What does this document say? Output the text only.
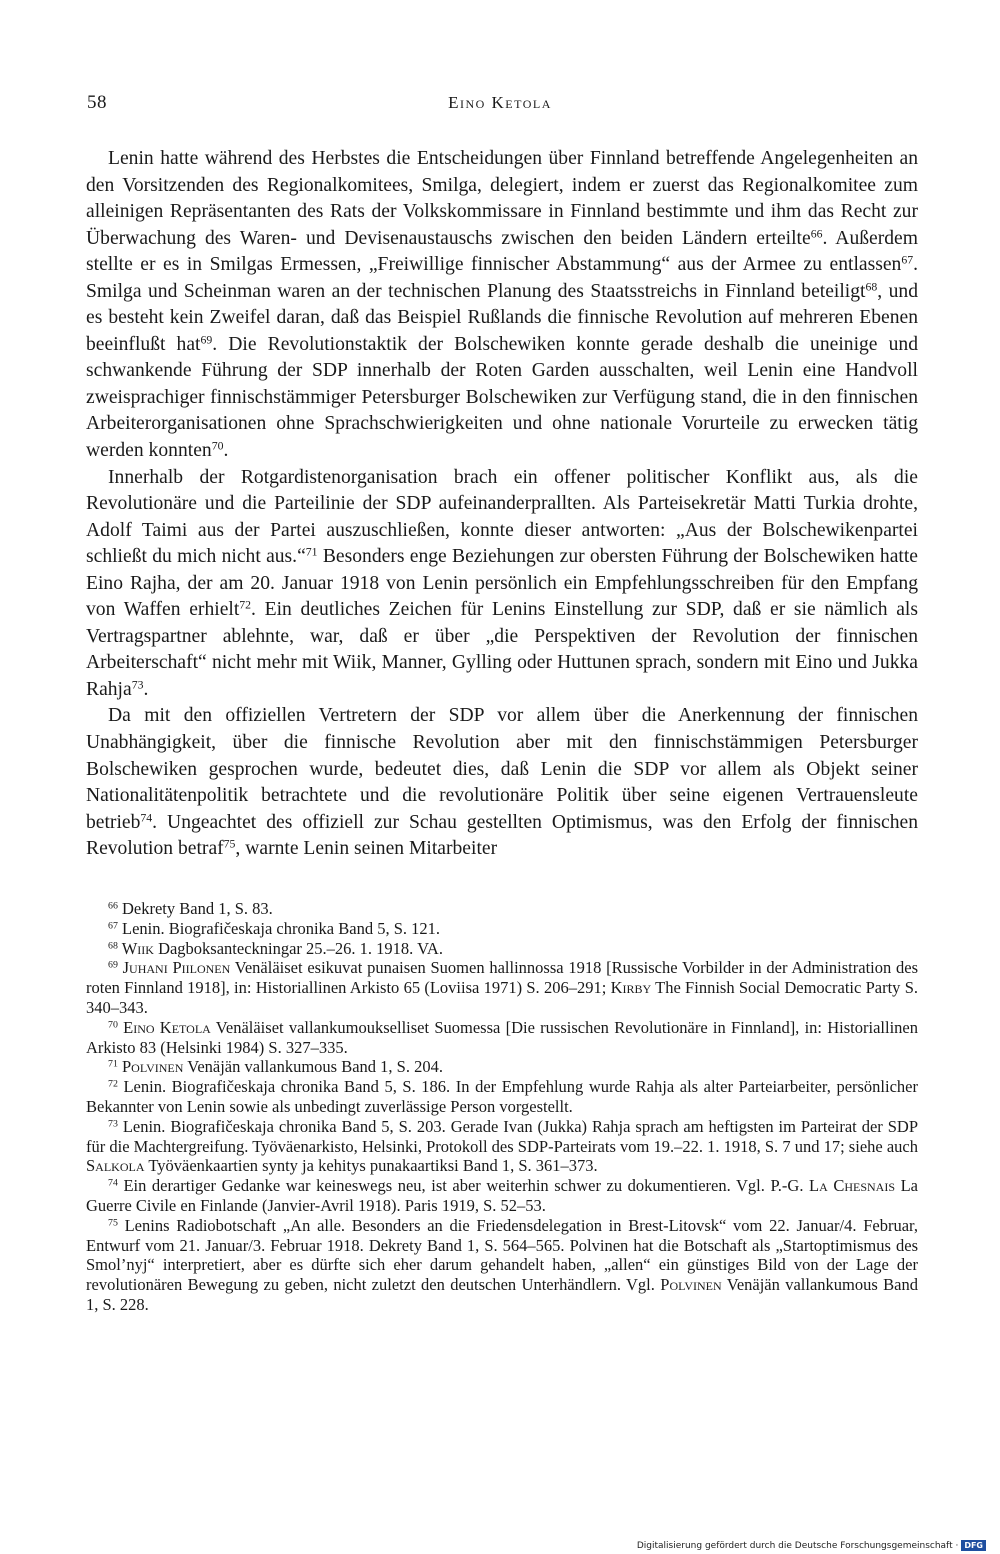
58	Eino Ketola

Lenin hatte während des Herbstes die Entscheidungen über Finnland betreffende Angelegenheiten an den Vorsitzenden des Regionalkomitees, Smilga, delegiert, indem er zuerst das Regionalkomitee zum alleinigen Repräsentanten des Rats der Volkskommissare in Finnland bestimmte und ihm das Recht zur Überwachung des Waren- und Devisenaustauschs zwischen den beiden Ländern erteilte$^{66}$. Außerdem stellte er es in Smilgas Ermessen, „Freiwillige finnischer Abstammung“ aus der Armee zu entlassen$^{67}$. Smilga und Scheinman waren an der technischen Planung des Staatsstreichs in Finnland beteiligt$^{68}$, und es besteht kein Zweifel daran, daß das Beispiel Rußlands die finnische Revolution auf mehreren Ebenen beeinflußt hat$^{69}$. Die Revolutionstaktik der Bolschewiken konnte gerade deshalb die uneinige und schwankende Führung der SDP innerhalb der Roten Garden ausschalten, weil Lenin eine Handvoll zweisprachiger finnischstämmiger Petersburger Bolschewiken zur Verfügung stand, die in den finnischen Arbeiterorganisationen ohne Sprachschwierigkeiten und ohne nationale Vorurteile zu erwecken tätig werden konnten$^{70}$.

Innerhalb der Rotgardistenorganisation brach ein offener politischer Konflikt aus, als die Revolutionäre und die Parteilinie der SDP aufeinanderprallten. Als Parteisekretär Matti Turkia drohte, Adolf Taimi aus der Partei auszuschließen, konnte dieser antworten: „Aus der Bolschewikenpartei schließt du mich nicht aus.“$^{71}$ Besonders enge Beziehungen zur obersten Führung der Bolschewiken hatte Eino Rajha, der am 20. Januar 1918 von Lenin persönlich ein Empfehlungsschreiben für den Empfang von Waffen erhielt$^{72}$. Ein deutliches Zeichen für Lenins Einstellung zur SDP, daß er sie nämlich als Vertragspartner ablehnte, war, daß er über „die Perspektiven der Revolution der finnischen Arbeiterschaft“ nicht mehr mit Wiik, Manner, Gylling oder Huttunen sprach, sondern mit Eino und Jukka Rahja$^{73}$.

Da mit den offiziellen Vertretern der SDP vor allem über die Anerkennung der finnischen Unabhängigkeit, über die finnische Revolution aber mit den finnischstämmigen Petersburger Bolschewiken gesprochen wurde, bedeutet dies, daß Lenin die SDP vor allem als Objekt seiner Nationalitätenpolitik betrachtete und die revolutionäre Politik über seine eigenen Vertrauensleute betrieb$^{74}$. Ungeachtet des offiziell zur Schau gestellten Optimismus, was den Erfolg der finnischen Revolution betraf$^{75}$, warnte Lenin seinen Mitarbeiter

$^{66}$ Dekrety Band 1, S. 83.

$^{67}$ Lenin. Biografičeskaja chronika Band 5, S. 121.

$^{68}$ Wiik Dagboksanteckningar 25.–26. 1. 1918. VA.

$^{69}$ Juhani Piilonen Venäläiset esikuvat punaisen Suomen hallinnossa 1918 [Russische Vorbilder in der Administration des roten Finnland 1918], in: Historiallinen Arkisto 65 (Loviisa 1971) S. 206–291; Kirby The Finnish Social Democratic Party S. 340–343.

$^{70}$ Eino Ketola Venäläiset vallankumoukselliset Suomessa [Die russischen Revolutionäre in Finnland], in: Historiallinen Arkisto 83 (Helsinki 1984) S. 327–335.

$^{71}$ Polvinen Venäjän vallankumous Band 1, S. 204.

$^{72}$ Lenin. Biografičeskaja chronika Band 5, S. 186. In der Empfehlung wurde Rahja als alter Parteiarbeiter, persönlicher Bekannter von Lenin sowie als unbedingt zuverlässige Person vorgestellt.

$^{73}$ Lenin. Biografičeskaja chronika Band 5, S. 203. Gerade Ivan (Jukka) Rahja sprach am heftigsten im Parteirat der SDP für die Machtergreifung. Työväenarkisto, Helsinki, Protokoll des SDP-Parteirats vom 19.–22. 1. 1918, S. 7 und 17; siehe auch Salkola Työväenkaartien synty ja kehitys punakaartiksi Band 1, S. 361–373.

$^{74}$ Ein derartiger Gedanke war keineswegs neu, ist aber weiterhin schwer zu dokumentieren. Vgl. P.-G. La Chesnais La Guerre Civile en Finlande (Janvier-Avril 1918). Paris 1919, S. 52–53.

$^{75}$ Lenins Radiobotschaft „An alle. Besonders an die Friedensdelegation in Brest-Litovsk“ vom 22. Januar/4. Februar, Entwurf vom 21. Januar/3. Februar 1918. Dekrety Band 1, S. 564–565. Polvinen hat die Botschaft als „Startoptimismus des Smol’nyj“ interpretiert, aber es dürfte sich eher darum gehandelt haben, „allen“ ein günstiges Bild von der Lage der revolutionären Bewegung zu geben, nicht zuletzt den deutschen Unterhändlern. Vgl. Polvinen Venäjän vallankumous Band 1, S. 228.

Digitalisierung gefördert durch die Deutsche Forschungsgemeinschaft · DFG
